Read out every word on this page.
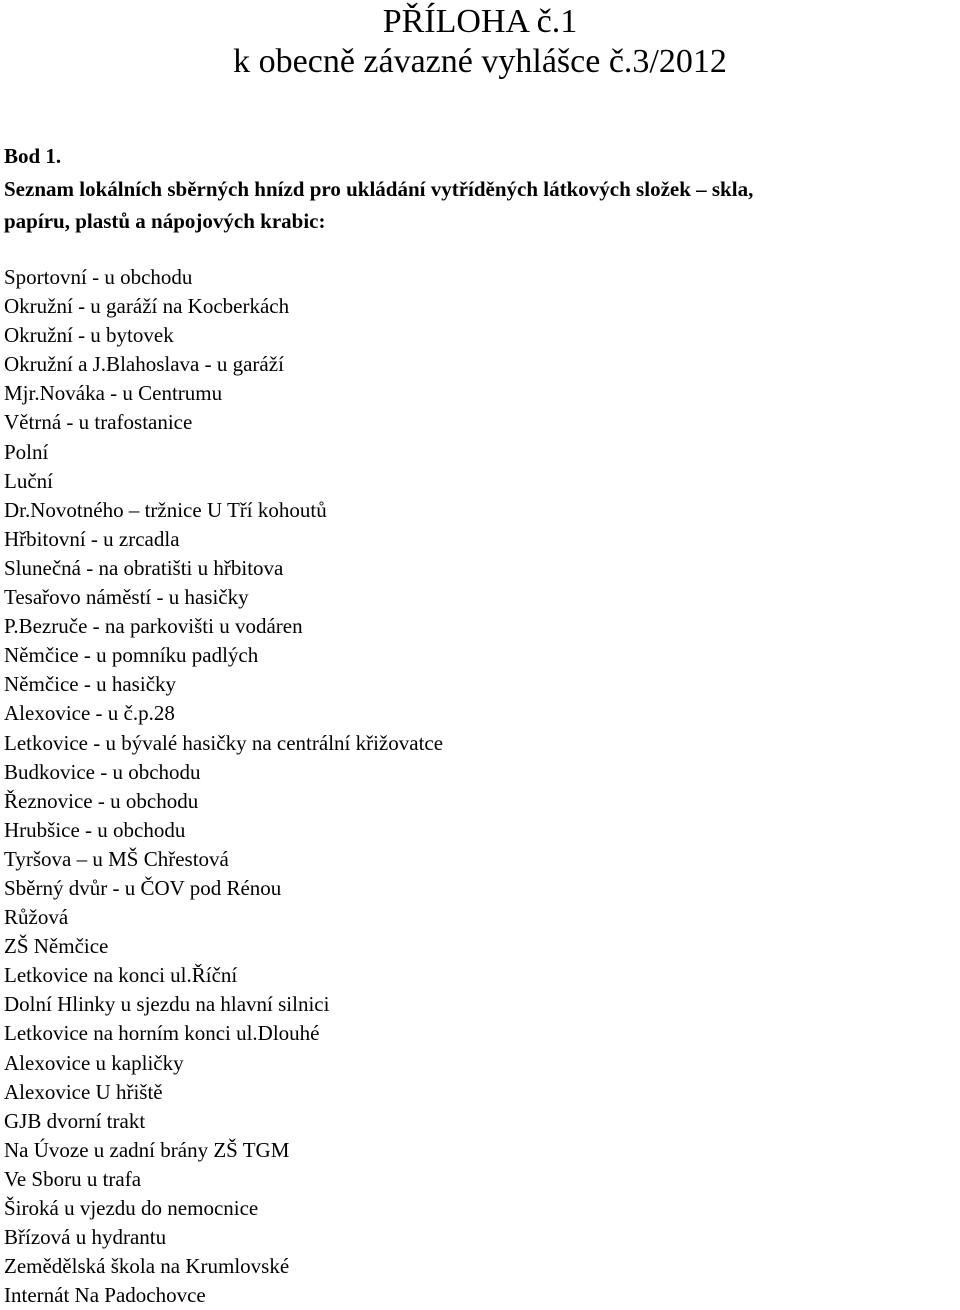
PŘÍLOHA č.1
k obecně závazné vyhlášce č.3/2012
Bod 1.
Seznam lokálních sběrných hnízd pro ukládání vytříděných látkových složek – skla,
papíru, plastů a nápojových krabic:
Sportovní - u obchodu
Okružní - u garáží na Kocberkách
Okružní - u bytovek
Okružní a J.Blahoslava - u garáží
Mjr.Nováka - u Centrumu
Větrná - u trafostanice
Polní
Luční
Dr.Novotného – tržnice U Tří kohoutů
Hřbitovní - u zrcadla
Slunečná - na obratišti u hřbitova
Tesařovo náměstí - u hasičky
P.Bezruče - na parkovišti u vodáren
Němčice - u pomníku padlých
Němčice - u hasičky
Alexovice - u č.p.28
Letkovice - u bývalé hasičky na centrální křižovatce
Budkovice - u obchodu
Řeznovice - u obchodu
Hrubšice - u obchodu
Tyršova – u MŠ Chřestová
Sběrný dvůr - u ČOV pod Rénou
Růžová
ZŠ Němčice
Letkovice na konci ul.Říční
Dolní Hlinky u sjezdu na hlavní silnici
Letkovice na horním konci ul.Dlouhé
Alexovice u kapličky
Alexovice U hřiště
GJB dvorní trakt
Na Úvoze u zadní brány ZŠ TGM
Ve Sboru u trafa
Široká u vjezdu do nemocnice
Břízová u hydrantu
Zemědělská škola na Krumlovské
Internát Na Padochovce
